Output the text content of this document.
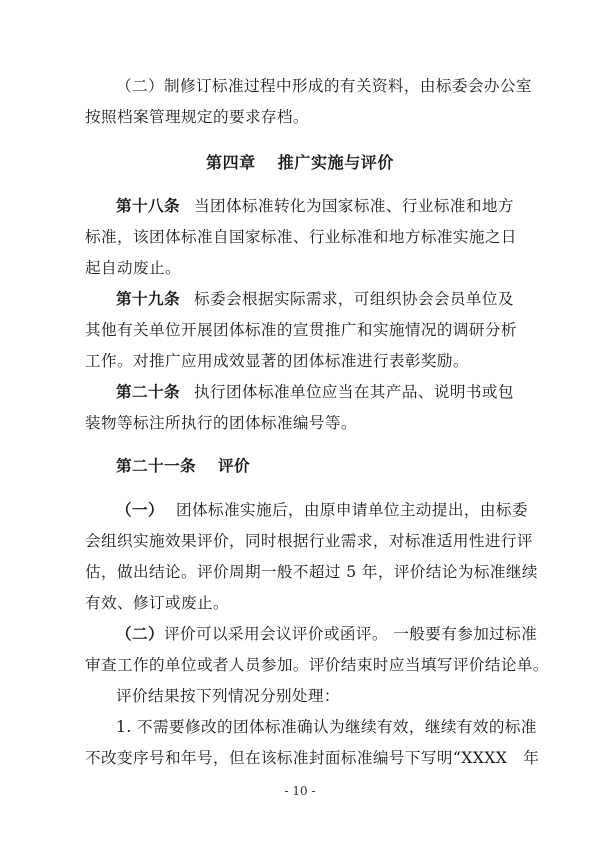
（二）制修订标准过程中形成的有关资料，由标委会办公室
按照档案管理规定的要求存档。
第四章 推广实施与评价
第十八条 当团体标准转化为国家标准、行业标准和地方
标准，该团体标准自国家标准、行业标准和地方标准实施之日
起自动废止。
第十九条 标委会根据实际需求，可组织协会会员单位及
其他有关单位开展团体标准的宣贯推广和实施情况的调研分析
工作。对推广应用成效显著的团体标准进行表彰奖励。
第二十条 执行团体标准单位应当在其产品、说明书或包
装物等标注所执行的团体标准编号等。
第二十一条 评价
（一） 团体标准实施后，由原申请单位主动提出，由标委
会组织实施效果评价，同时根据行业需求，对标准适用性进行评
估，做出结论。评价周期一般不超过 5 年，评价结论为标准继续
有效、修订或废止。
（二）评价可以采用会议评价或函评。 一般要有参加过标准
审查工作的单位或者人员参加。评价结束时应当填写评价结论单。
评价结果按下列情况分别处理：
1. 不需要修改的团体标准确认为继续有效，继续有效的标准
不改变序号和年号，但在该标准封面标准编号下写明“XXXX　年
- 10 -
